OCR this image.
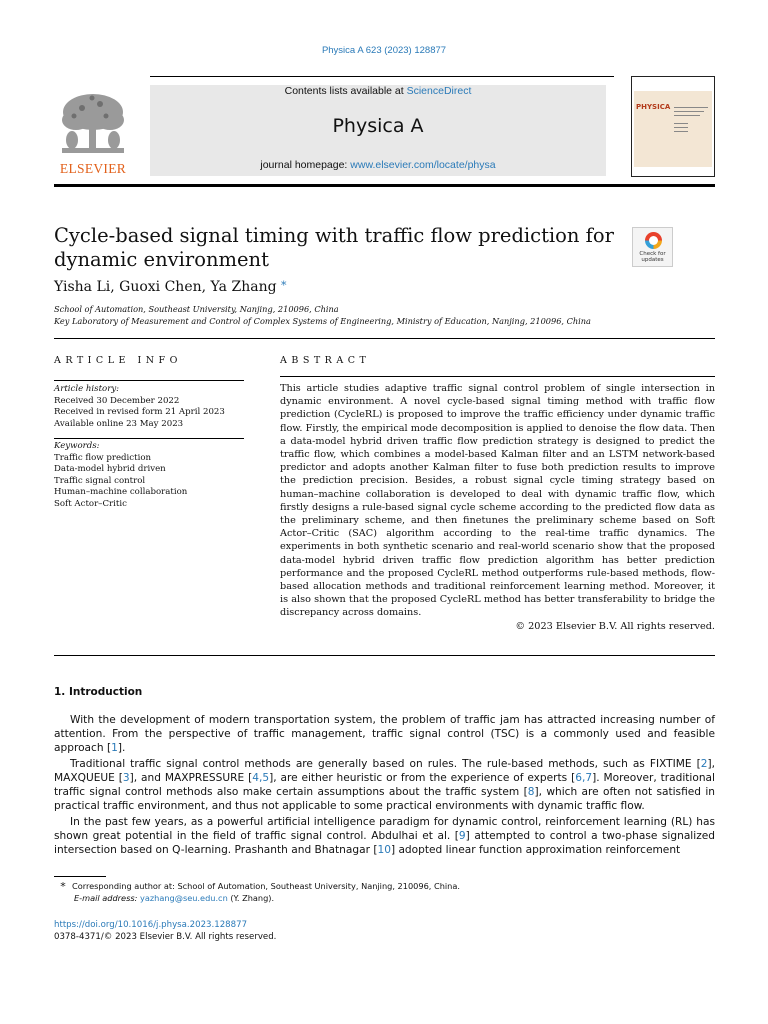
Physica A 623 (2023) 128877
ELSEVIER
Contents lists available at ScienceDirect
Physica A
journal homepage: www.elsevier.com/locate/physa
PHYSICA
Cycle-based signal timing with traffic flow prediction for dynamic environment	Check for updates
Yisha Li, Guoxi Chen, Ya Zhang *
School of Automation, Southeast University, Nanjing, 210096, China
Key Laboratory of Measurement and Control of Complex Systems of Engineering, Ministry of Education, Nanjing, 210096, China
ARTICLE INFO
Article history:
Received 30 December 2022
Received in revised form 21 April 2023
Available online 23 May 2023
Keywords:
Traffic flow prediction
Data-model hybrid driven
Traffic signal control
Human–machine collaboration
Soft Actor–Critic
ABSTRACT
This article studies adaptive traffic signal control problem of single intersection in dynamic environment. A novel cycle-based signal timing method with traffic flow prediction (CycleRL) is proposed to improve the traffic efficiency under dynamic traffic flow. Firstly, the empirical mode decomposition is applied to denoise the flow data. Then a data-model hybrid driven traffic flow prediction strategy is designed to predict the traffic flow, which combines a model-based Kalman filter and an LSTM network-based predictor and adopts another Kalman filter to fuse both prediction results to improve the prediction precision. Besides, a robust signal cycle timing strategy based on human–machine collaboration is developed to deal with dynamic traffic flow, which firstly designs a rule-based signal cycle scheme according to the predicted flow data as the preliminary scheme, and then finetunes the preliminary scheme based on Soft Actor–Critic (SAC) algorithm according to the real-time traffic dynamics. The experiments in both synthetic scenario and real-world scenario show that the proposed data-model hybrid driven traffic flow prediction algorithm has better prediction performance and the proposed CycleRL method outperforms rule-based methods, flow-based allocation methods and traditional reinforcement learning method. Moreover, it is also shown that the proposed CycleRL method has better transferability to bridge the discrepancy across domains.
© 2023 Elsevier B.V. All rights reserved.
1. Introduction

With the development of modern transportation system, the problem of traffic jam has attracted increasing number of attention. From the perspective of traffic management, traffic signal control (TSC) is a commonly used and feasible approach [1].

Traditional traffic signal control methods are generally based on rules. The rule-based methods, such as FIXTIME [2], MAXQUEUE [3], and MAXPRESSURE [4,5], are either heuristic or from the experience of experts [6,7]. Moreover, traditional traffic signal control methods also make certain assumptions about the traffic system [8], which are often not satisfied in practical traffic environment, and thus not applicable to some practical environments with dynamic traffic flow.

In the past few years, as a powerful artificial intelligence paradigm for dynamic control, reinforcement learning (RL) has shown great potential in the field of traffic signal control. Abdulhai et al. [9] attempted to control a two-phase signalized intersection based on Q-learning. Prashanth and Bhatnagar [10] adopted linear function approximation reinforcement

* Corresponding author at: School of Automation, Southeast University, Nanjing, 210096, China.
E-mail address: yazhang@seu.edu.cn (Y. Zhang).
https://doi.org/10.1016/j.physa.2023.128877
0378-4371/© 2023 Elsevier B.V. All rights reserved.
